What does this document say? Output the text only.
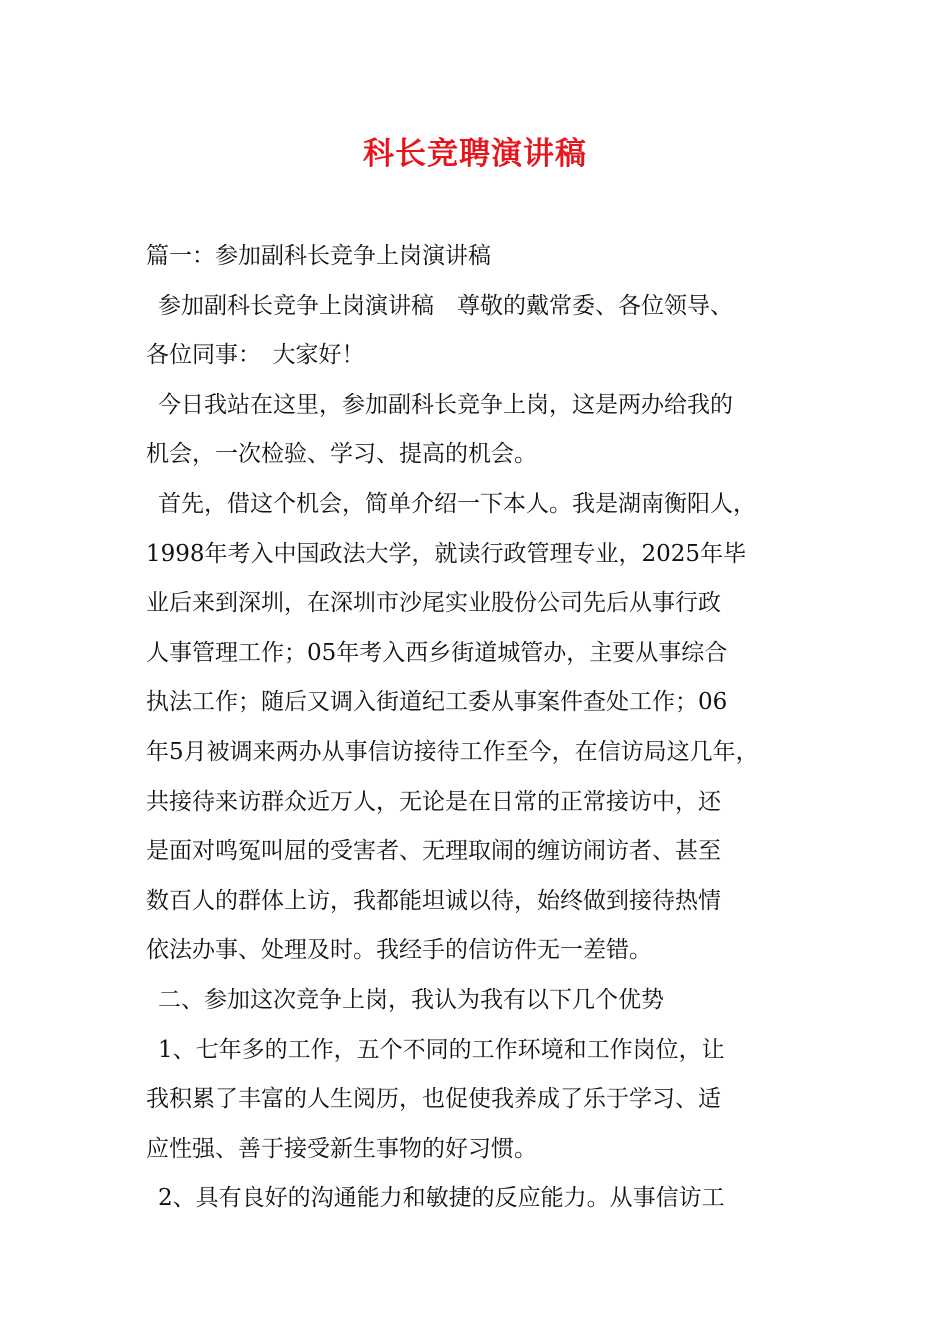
科长竞聘演讲稿
篇一：参加副科长竞争上岗演讲稿
参加副科长竞争上岗演讲稿　尊敬的戴常委、各位领导、
各位同事：　大家好！
今日我站在这里，参加副科长竞争上岗，这是两办给我的
机会，一次检验、学习、提高的机会。
首先，借这个机会，简单介绍一下本人。我是湖南衡阳人，
1998年考入中国政法大学，就读行政管理专业，2025年毕
业后来到深圳，在深圳市沙尾实业股份公司先后从事行政
人事管理工作；05年考入西乡街道城管办，主要从事综合
执法工作；随后又调入街道纪工委从事案件查处工作；06
年5月被调来两办从事信访接待工作至今，在信访局这几年，
共接待来访群众近万人，无论是在日常的正常接访中，还
是面对鸣冤叫屈的受害者、无理取闹的缠访闹访者、甚至
数百人的群体上访，我都能坦诚以待，始终做到接待热情
依法办事、处理及时。我经手的信访件无一差错。
二、参加这次竞争上岗，我认为我有以下几个优势
1、七年多的工作，五个不同的工作环境和工作岗位，让
我积累了丰富的人生阅历，也促使我养成了乐于学习、适
应性强、善于接受新生事物的好习惯。
2、具有良好的沟通能力和敏捷的反应能力。从事信访工
